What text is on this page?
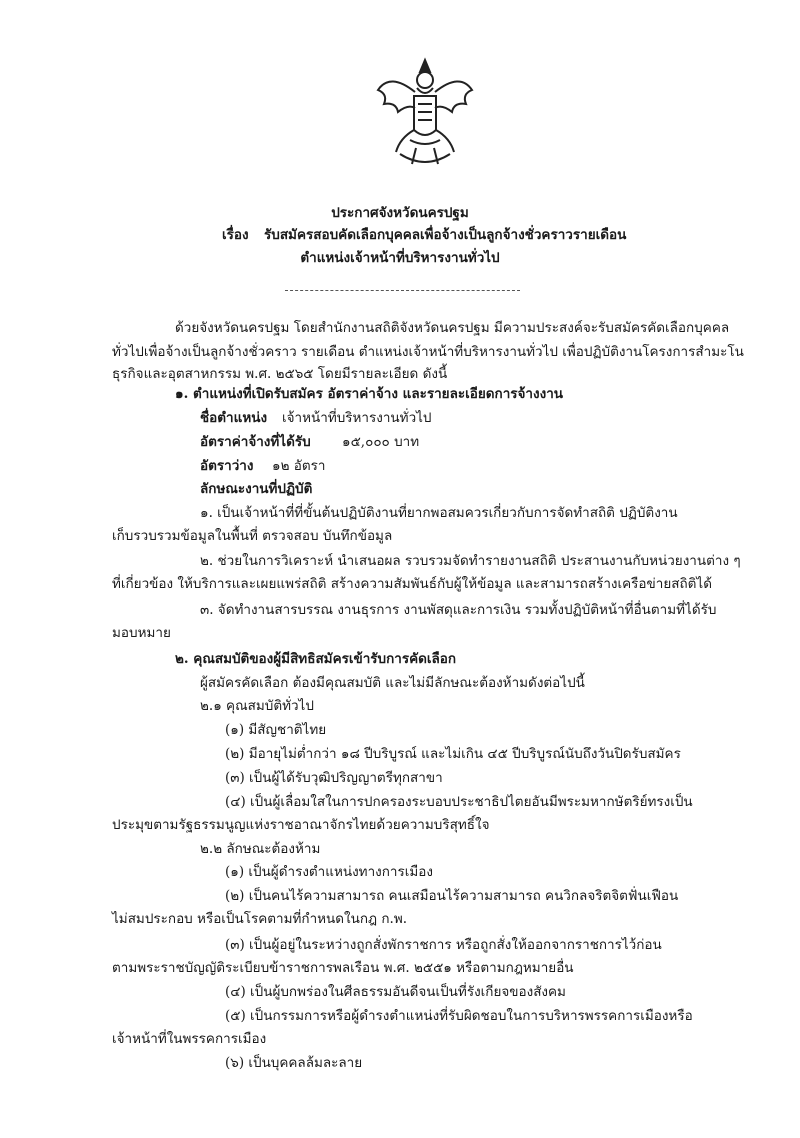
ประกาศจังหวัดนครปฐม
เรื่อง รับสมัครสอบคัดเลือกบุคคลเพื่อจ้างเป็นลูกจ้างชั่วคราวรายเดือน
ตำแหน่งเจ้าหน้าที่บริหารงานทั่วไป
ด้วยจังหวัดนครปฐม โดยสำนักงานสถิติจังหวัดนครปฐม มีความประสงค์จะรับสมัครคัดเลือกบุคคล
ทั่วไปเพื่อจ้างเป็นลูกจ้างชั่วคราว รายเดือน ตำแหน่งเจ้าหน้าที่บริหารงานทั่วไป เพื่อปฏิบัติงานโครงการสำมะโน
ธุรกิจและอุตสาหกรรม พ.ศ. ๒๕๖๕ โดยมีรายละเอียด ดังนี้
๑. ตำแหน่งที่เปิดรับสมัคร อัตราค่าจ้าง และรายละเอียดการจ้างงาน
ชื่อตำแหน่ง เจ้าหน้าที่บริหารงานทั่วไป
อัตราค่าจ้างที่ได้รับ ๑๕,๐๐๐ บาท
อัตราว่าง ๑๒ อัตรา
ลักษณะงานที่ปฏิบัติ
๑. เป็นเจ้าหน้าที่ที่ขั้นต้นปฏิบัติงานที่ยากพอสมควรเกี่ยวกับการจัดทำสถิติ ปฏิบัติงาน
เก็บรวบรวมข้อมูลในพื้นที่ ตรวจสอบ บันทึกข้อมูล
๒. ช่วยในการวิเคราะห์ นำเสนอผล รวบรวมจัดทำรายงานสถิติ ประสานงานกับหน่วยงานต่าง ๆ
ที่เกี่ยวข้อง ให้บริการและเผยแพร่สถิติ สร้างความสัมพันธ์กับผู้ให้ข้อมูล และสามารถสร้างเครือข่ายสถิติได้
๓. จัดทำงานสารบรรณ งานธุรการ งานพัสดุและการเงิน รวมทั้งปฏิบัติหน้าที่อื่นตามที่ได้รับ
มอบหมาย
๒. คุณสมบัติของผู้มีสิทธิสมัครเข้ารับการคัดเลือก
ผู้สมัครคัดเลือก ต้องมีคุณสมบัติ และไม่มีลักษณะต้องห้ามดังต่อไปนี้
๒.๑ คุณสมบัติทั่วไป
(๑) มีสัญชาติไทย
(๒) มีอายุไม่ต่ำกว่า ๑๘ ปีบริบูรณ์ และไม่เกิน ๔๕ ปีบริบูรณ์นับถึงวันปิดรับสมัคร
(๓) เป็นผู้ได้รับวุฒิปริญญาตรีทุกสาขา
(๔) เป็นผู้เลื่อมใสในการปกครองระบอบประชาธิปไตยอันมีพระมหากษัตริย์ทรงเป็น
ประมุขตามรัฐธรรมนูญแห่งราชอาณาจักรไทยด้วยความบริสุทธิ์ใจ
๒.๒ ลักษณะต้องห้าม
(๑) เป็นผู้ดำรงตำแหน่งทางการเมือง
(๒) เป็นคนไร้ความสามารถ คนเสมือนไร้ความสามารถ คนวิกลจริตจิตฟั่นเฟือน
ไม่สมประกอบ หรือเป็นโรคตามที่กำหนดในกฎ ก.พ.
(๓) เป็นผู้อยู่ในระหว่างถูกสั่งพักราชการ หรือถูกสั่งให้ออกจากราชการไว้ก่อน
ตามพระราชบัญญัติระเบียบข้าราชการพลเรือน พ.ศ. ๒๕๕๑ หรือตามกฎหมายอื่น
(๔) เป็นผู้บกพร่องในศีลธรรมอันดีจนเป็นที่รังเกียจของสังคม
(๕) เป็นกรรมการหรือผู้ดำรงตำแหน่งที่รับผิดชอบในการบริหารพรรคการเมืองหรือ
เจ้าหน้าที่ในพรรคการเมือง
(๖) เป็นบุคคลล้มละลาย
